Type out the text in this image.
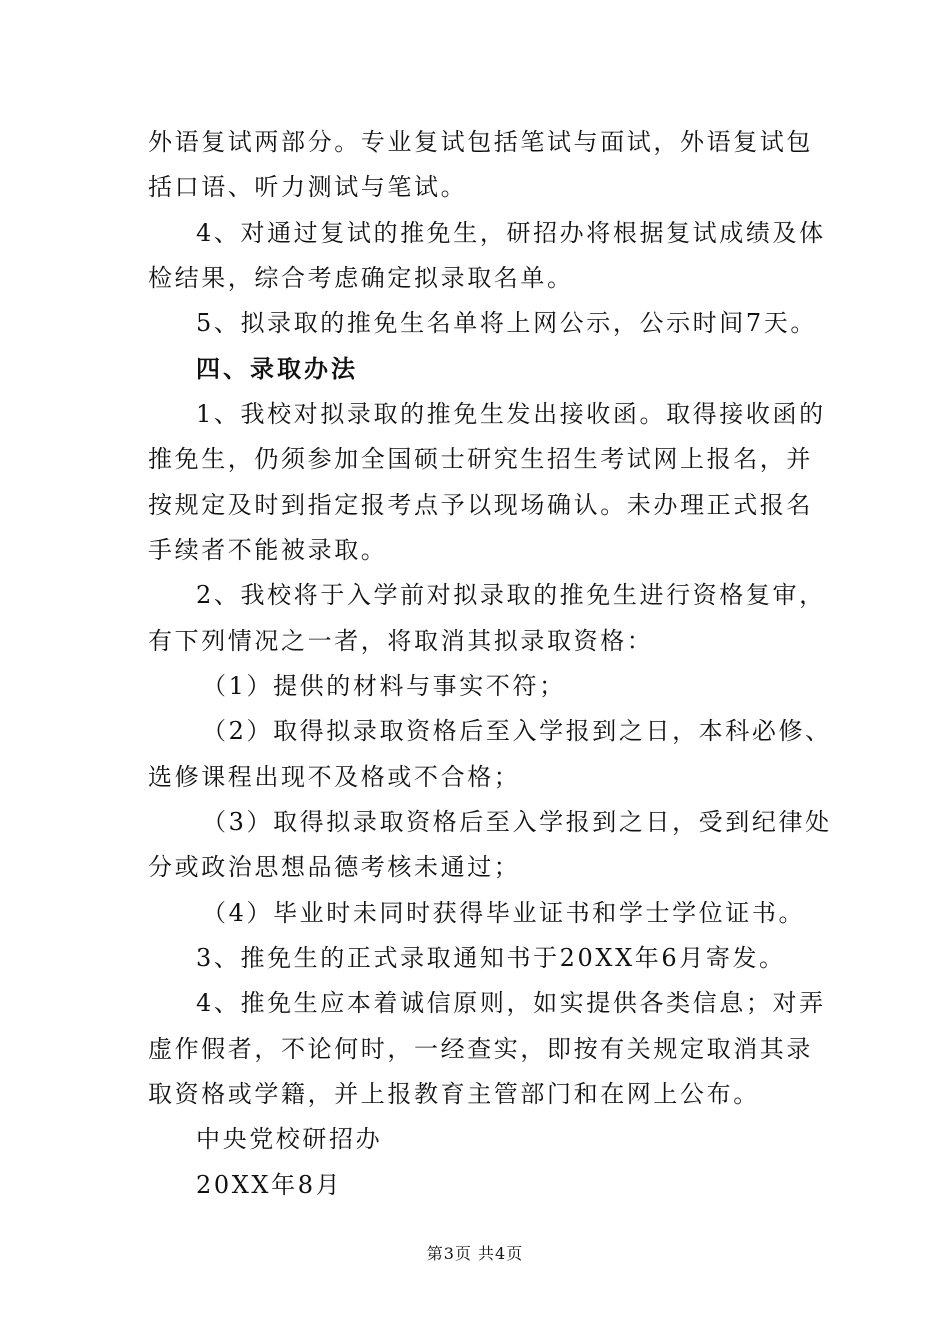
外语复试两部分。专业复试包括笔试与面试，外语复试包
括口语、听力测试与笔试。
4、对通过复试的推免生，研招办将根据复试成绩及体
检结果，综合考虑确定拟录取名单。
5、拟录取的推免生名单将上网公示，公示时间7天。
四、录取办法
1、我校对拟录取的推免生发出接收函。取得接收函的
推免生，仍须参加全国硕士研究生招生考试网上报名，并
按规定及时到指定报考点予以现场确认。未办理正式报名
手续者不能被录取。
2、我校将于入学前对拟录取的推免生进行资格复审，
有下列情况之一者，将取消其拟录取资格：
（1）提供的材料与事实不符；
（2）取得拟录取资格后至入学报到之日，本科必修、
选修课程出现不及格或不合格；
（3）取得拟录取资格后至入学报到之日，受到纪律处
分或政治思想品德考核未通过；
（4）毕业时未同时获得毕业证书和学士学位证书。
3、推免生的正式录取通知书于20XX年6月寄发。
4、推免生应本着诚信原则，如实提供各类信息；对弄
虚作假者，不论何时，一经查实，即按有关规定取消其录
取资格或学籍，并上报教育主管部门和在网上公布。
中央党校研招办
20XX年8月
第3页 共4页
